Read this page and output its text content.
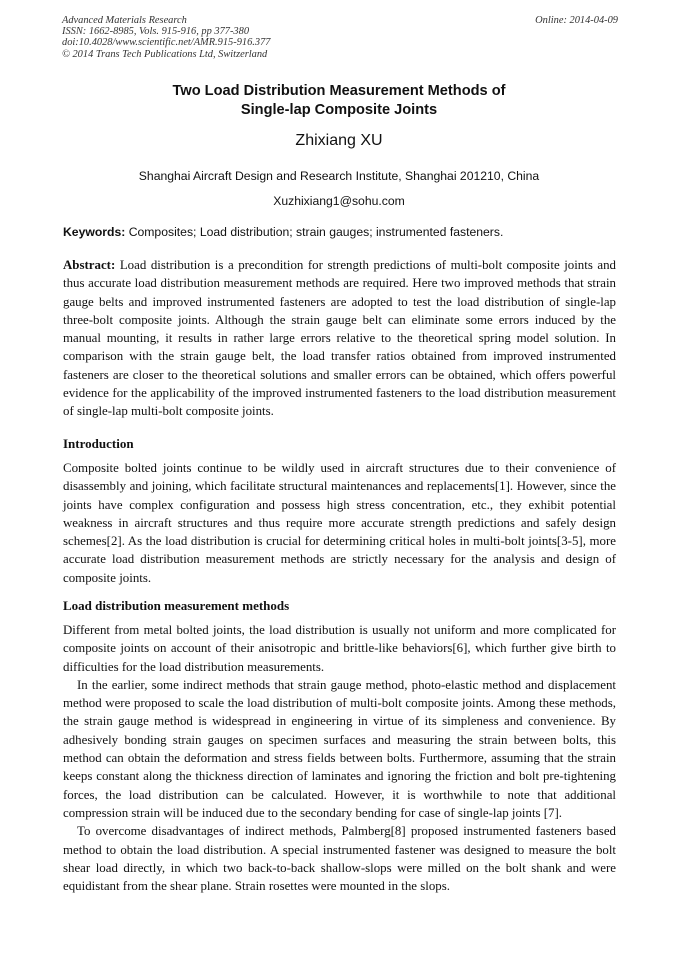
Advanced Materials Research
ISSN: 1662-8985, Vols. 915-916, pp 377-380
doi:10.4028/www.scientific.net/AMR.915-916.377
© 2014 Trans Tech Publications Ltd, Switzerland
Online: 2014-04-09
Two Load Distribution Measurement Methods of
Single-lap Composite Joints
Zhixiang XU
Shanghai Aircraft Design and Research Institute, Shanghai 201210, China
Xuzhixiang1@sohu.com
Keywords: Composites; Load distribution; strain gauges; instrumented fasteners.

Abstract: Load distribution is a precondition for strength predictions of multi-bolt composite joints and thus accurate load distribution measurement methods are required. Here two improved methods that strain gauge belts and improved instrumented fasteners are adopted to test the load distribution of single-lap three-bolt composite joints. Although the strain gauge belt can eliminate some errors induced by the manual mounting, it results in rather large errors relative to the theoretical spring model solution. In comparison with the strain gauge belt, the load transfer ratios obtained from improved instrumented fasteners are closer to the theoretical solutions and smaller errors can be obtained, which offers powerful evidence for the applicability of the improved instrumented fasteners to the load distribution measurement of single-lap multi-bolt composite joints.

Introduction

Composite bolted joints continue to be wildly used in aircraft structures due to their convenience of disassembly and joining, which facilitate structural maintenances and replacements[1]. However, since the joints have complex configuration and possess high stress concentration, etc., they exhibit potential weakness in aircraft structures and thus require more accurate strength predictions and safely design schemes[2]. As the load distribution is crucial for determining critical holes in multi-bolt joints[3-5], more accurate load distribution measurement methods are strictly necessary for the analysis and design of composite joints.

Load distribution measurement methods

Different from metal bolted joints, the load distribution is usually not uniform and more complicated for composite joints on account of their anisotropic and brittle-like behaviors[6], which further give birth to difficulties for the load distribution measurements.

In the earlier, some indirect methods that strain gauge method, photo-elastic method and displacement method were proposed to scale the load distribution of multi-bolt composite joints. Among these methods, the strain gauge method is widespread in engineering in virtue of its simpleness and convenience. By adhesively bonding strain gauges on specimen surfaces and measuring the strain between bolts, this method can obtain the deformation and stress fields between bolts. Furthermore, assuming that the strain keeps constant along the thickness direction of laminates and ignoring the friction and bolt pre-tightening forces, the load distribution can be calculated. However, it is worthwhile to note that additional compression strain will be induced due to the secondary bending for case of single-lap joints [7].

To overcome disadvantages of indirect methods, Palmberg[8] proposed instrumented fasteners based method to obtain the load distribution. A special instrumented fastener was designed to measure the bolt shear load directly, in which two back-to-back shallow-slops were milled on the bolt shank and were equidistant from the shear plane. Strain rosettes were mounted in the slops.
